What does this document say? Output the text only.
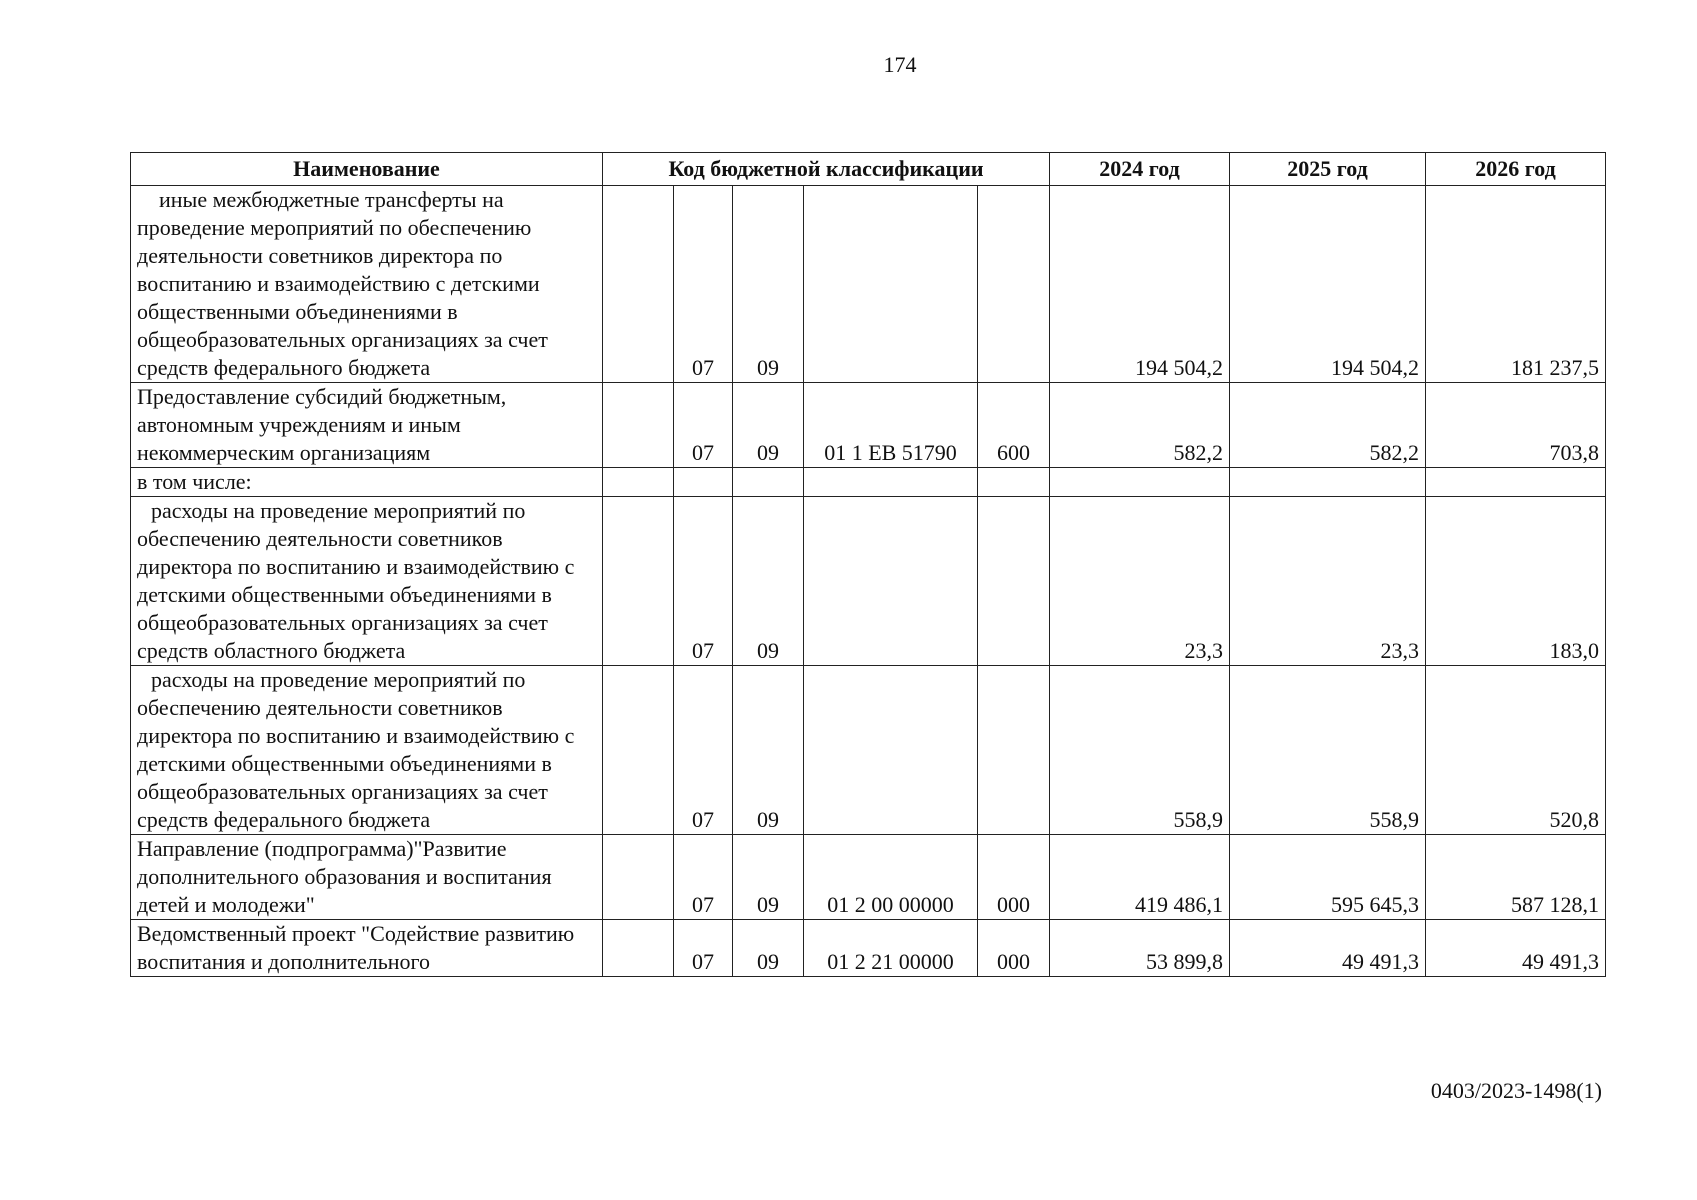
174
Наименование	Код бюджетной классификации					2024 год	2025 год	2026 год

иные межбюджетные трансферты на проведение мероприятий по обеспечению деятельности советников директора по воспитанию и взаимодействию с детскими общественными объединениями в общеобразовательных организациях за счет средств федерального бюджета		07	09			194 504,2	194 504,2	181 237,5

Предоставление субсидий бюджетным, автономным учреждениям и иным некоммерческим организациям		07	09	01 1 ЕВ 51790	600	582,2	582,2	703,8

в том числе:								

расходы на проведение мероприятий по обеспечению деятельности советников директора по воспитанию и взаимодействию с детскими общественными объединениями в общеобразовательных организациях за счет средств областного бюджета		07	09			23,3	23,3	183,0

расходы на проведение мероприятий по обеспечению деятельности советников директора по воспитанию и взаимодействию с детскими общественными объединениями в общеобразовательных организациях за счет средств федерального бюджета		07	09			558,9	558,9	520,8

Направление (подпрограмма)"Развитие дополнительного образования и воспитания детей и молодежи"		07	09	01 2 00 00000	000	419 486,1	595 645,3	587 128,1

Ведомственный проект "Содействие развитию воспитания и дополнительного		07	09	01 2 21 00000	000	53 899,8	49 491,3	49 491,3
0403/2023-1498(1)
